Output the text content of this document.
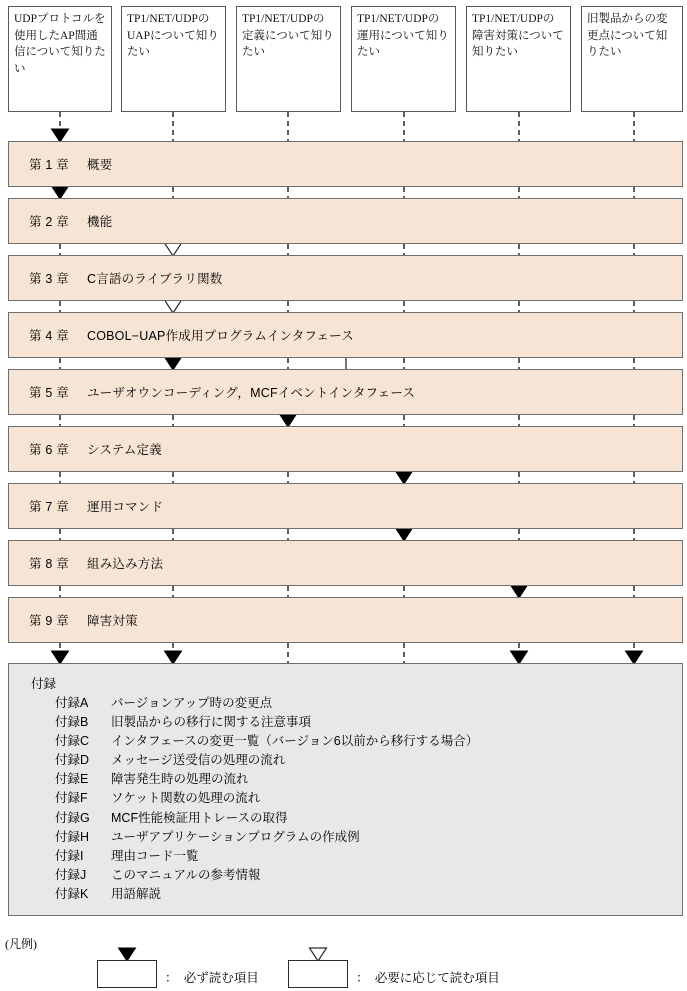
UDPプロトコルを使用したAP間通信について知りたい
TP1/NET/UDPのUAPについて知りたい
TP1/NET/UDPの定義について知りたい
TP1/NET/UDPの運用について知りたい
TP1/NET/UDPの障害対策について知りたい
旧製品からの変更点について知りたい
第 1 章	概要
第 2 章	機能
第 3 章	C言語のライブラリ関数
第 4 章	COBOL−UAP作成用プログラムインタフェース
第 5 章	ユーザオウンコーディング，MCFイベントインタフェース
第 6 章	システム定義
第 7 章	運用コマンド
第 8 章	組み込み方法
第 9 章	障害対策
付録
付録A バージョンアップ時の変更点
付録B 旧製品からの移行に関する注意事項
付録C インタフェースの変更一覧（バージョン6以前から移行する場合）
付録D メッセージ送受信の処理の流れ
付録E 障害発生時の処理の流れ
付録F ソケット関数の処理の流れ
付録G MCF性能検証用トレースの取得
付録H ユーザアプリケーションプログラムの作成例
付録I 理由コード一覧
付録J このマニュアルの参考情報
付録K 用語解説
(凡例)
：　必ず読む項目	：　必要に応じて読む項目
